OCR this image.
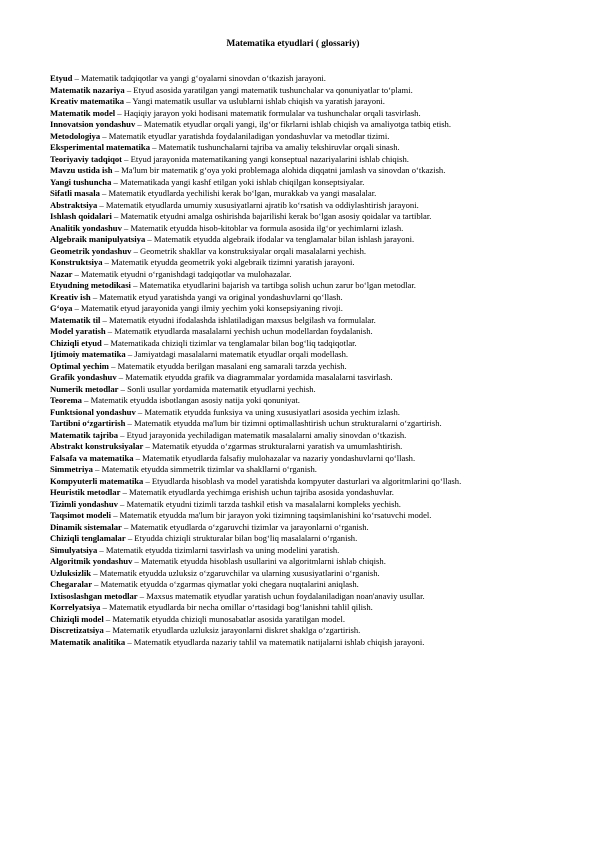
Matematika etyudlari ( glossariy)

Etyud – Matematik tadqiqotlar va yangi g‘oyalarni sinovdan o‘tkazish jarayoni.

Matematik nazariya – Etyud asosida yaratilgan yangi matematik tushunchalar va qonuniyatlar to‘plami.

Kreativ matematika – Yangi matematik usullar va uslublarni ishlab chiqish va yaratish jarayoni.

Matematik model – Haqiqiy jarayon yoki hodisani matematik formulalar va tushunchalar orqali tasvirlash.

Innovatsion yondashuv – Matematik etyudlar orqali yangi, ilg‘or fikrlarni ishlab chiqish va amaliyotga tatbiq etish.

Metodologiya – Matematik etyudlar yaratishda foydalaniladigan yondashuvlar va metodlar tizimi.

Eksperimental matematika – Matematik tushunchalarni tajriba va amaliy tekshiruvlar orqali sinash.

Teoriyaviy tadqiqot – Etyud jarayonida matematikaning yangi konseptual nazariyalarini ishlab chiqish.

Mavzu ustida ish – Ma'lum bir matematik g‘oya yoki problemaga alohida diqqatni jamlash va sinovdan o‘tkazish.

Yangi tushuncha – Matematikada yangi kashf etilgan yoki ishlab chiqilgan konseptsiyalar.

Sifatli masala – Matematik etyudlarda yechilishi kerak bo‘lgan, murakkab va yangi masalalar.

Abstraktsiya – Matematik etyudlarda umumiy xususiyatlarni ajratib ko‘rsatish va oddiylashtirish jarayoni.

Ishlash qoidalari – Matematik etyudni amalga oshirishda bajarilishi kerak bo‘lgan asosiy qoidalar va tartiblar.

Analitik yondashuv – Matematik etyudda hisob-kitoblar va formula asosida ilg‘or yechimlarni izlash.

Algebraik manipulyatsiya – Matematik etyudda algebraik ifodalar va tenglamalar bilan ishlash jarayoni.

Geometrik yondashuv – Geometrik shakllar va konstruksiyalar orqali masalalarni yechish.

Konstruktsiya – Matematik etyudda geometrik yoki algebraik tizimni yaratish jarayoni.

Nazar – Matematik etyudni o‘rganishdagi tadqiqotlar va mulohazalar.

Etyudning metodikasi – Matematika etyudlarini bajarish va tartibga solish uchun zarur bo‘lgan metodlar.

Kreativ ish – Matematik etyud yaratishda yangi va original yondashuvlarni qo‘llash.

G‘oya – Matematik etyud jarayonida yangi ilmiy yechim yoki konsepsiyaning rivoji.

Matematik til – Matematik etyudni ifodalashda ishlatiladigan maxsus belgilash va formulalar.

Model yaratish – Matematik etyudlarda masalalarni yechish uchun modellardan foydalanish.

Chiziqli etyud – Matematikada chiziqli tizimlar va tenglamalar bilan bog‘liq tadqiqotlar.

Ijtimoiy matematika – Jamiyatdagi masalalarni matematik etyudlar orqali modellash.

Optimal yechim – Matematik etyudda berilgan masalani eng samarali tarzda yechish.

Grafik yondashuv – Matematik etyudda grafik va diagrammalar yordamida masalalarni tasvirlash.

Numerik metodlar – Sonli usullar yordamida matematik etyudlarni yechish.

Teorema – Matematik etyudda isbotlangan asosiy natija yoki qonuniyat.

Funktsional yondashuv – Matematik etyudda funksiya va uning xususiyatlari asosida yechim izlash.

Tartibni o‘zgartirish – Matematik etyudda ma'lum bir tizimni optimallashtirish uchun strukturalarni o‘zgartirish.

Matematik tajriba – Etyud jarayonida yechiladigan matematik masalalarni amaliy sinovdan o‘tkazish.

Abstrakt konstruksiyalar – Matematik etyudda o‘zgarmas strukturalarni yaratish va umumlashtirish.

Falsafa va matematika – Matematik etyudlarda falsafiy mulohazalar va nazariy yondashuvlarni qo‘llash.

Simmetriya – Matematik etyudda simmetrik tizimlar va shakllarni o‘rganish.

Kompyuterli matematika – Etyudlarda hisoblash va model yaratishda kompyuter dasturlari va algoritmlarini qo‘llash.

Heuristik metodlar – Matematik etyudlarda yechimga erishish uchun tajriba asosida yondashuvlar.

Tizimli yondashuv – Matematik etyudni tizimli tarzda tashkil etish va masalalarni kompleks yechish.

Taqsimot modeli – Matematik etyudda ma'lum bir jarayon yoki tizimning taqsimlanishini ko‘rsatuvchi model.

Dinamik sistemalar – Matematik etyudlarda o‘zgaruvchi tizimlar va jarayonlarni o‘rganish.

Chiziqli tenglamalar – Etyudda chiziqli strukturalar bilan bog‘liq masalalarni o‘rganish.

Simulyatsiya – Matematik etyudda tizimlarni tasvirlash va uning modelini yaratish.

Algoritmik yondashuv – Matematik etyudda hisoblash usullarini va algoritmlarni ishlab chiqish.

Uzluksizlik – Matematik etyudda uzluksiz o‘zgaruvchilar va ularning xususiyatlarini o‘rganish.

Chegaralar – Matematik etyudda o‘zgarmas qiymatlar yoki chegara nuqtalarini aniqlash.

Ixtisoslashgan metodlar – Maxsus matematik etyudlar yaratish uchun foydalaniladigan noan'anaviy usullar.

Korrelyatsiya – Matematik etyudlarda bir necha omillar o‘rtasidagi bog‘lanishni tahlil qilish.

Chiziqli model – Matematik etyudda chiziqli munosabatlar asosida yaratilgan model.

Discretizatsiya – Matematik etyudlarda uzluksiz jarayonlarni diskret shaklga o‘zgartirish.

Matematik analitika – Matematik etyudlarda nazariy tahlil va matematik natijalarni ishlab chiqish jarayoni.
